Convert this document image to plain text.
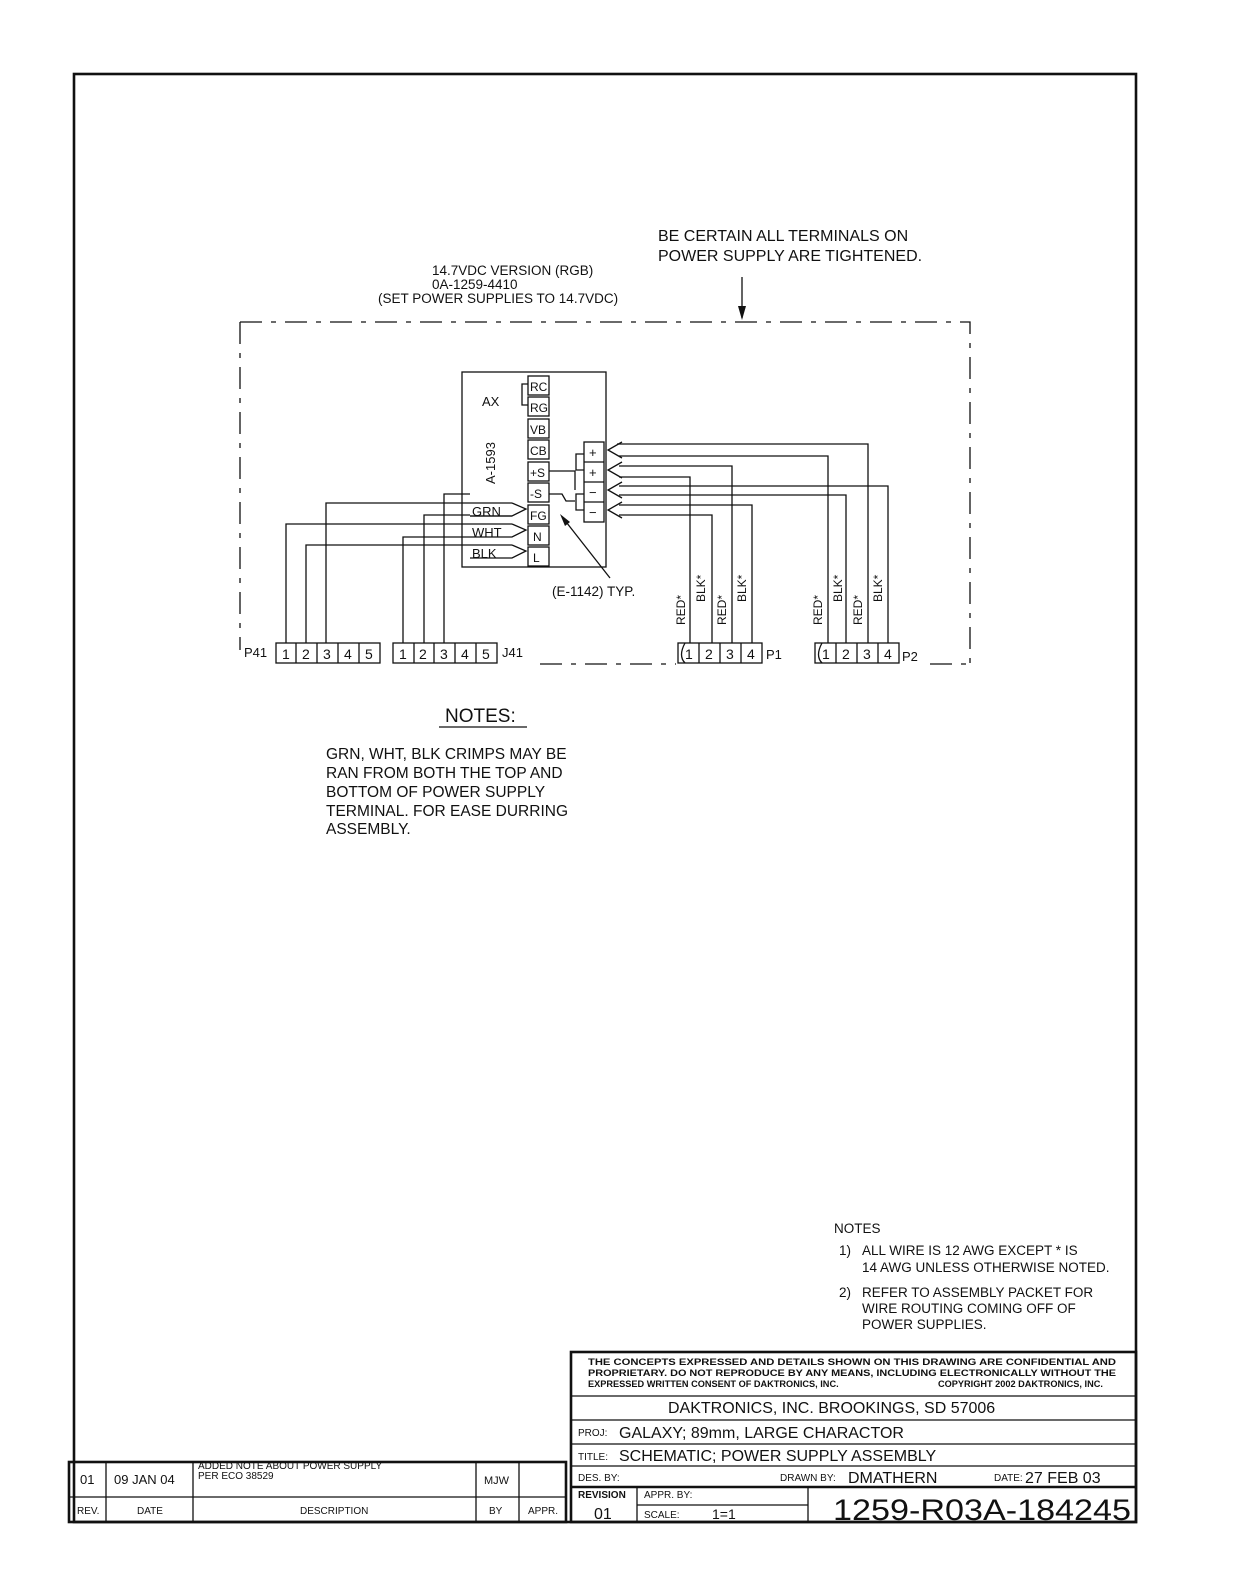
BE CERTAIN ALL TERMINALS ON
POWER SUPPLY ARE TIGHTENED.
14.7VDC VERSION (RGB)
0A-1259-4410
(SET POWER SUPPLIES TO 14.7VDC)
AX
A-1593
RC
RG
VB
CB
+S
-S
FG
N
L
+
+
−
−
GRN
WHT
BLK
(E-1142) TYP.
RED*
BLK*
RED*
BLK*
RED*
BLK*
RED*
BLK*
P41 1 2 3 4 5 1 2 3 4 5 J41	1 2 3 4 P1	1 2 3 4 P2
NOTES:
GRN, WHT, BLK CRIMPS MAY BE
RAN FROM BOTH THE TOP AND
BOTTOM OF POWER SUPPLY
TERMINAL. FOR EASE DURRING
ASSEMBLY.
NOTES
1) ALL WIRE IS 12 AWG EXCEPT * IS
14 AWG UNLESS OTHERWISE NOTED.
2) REFER TO ASSEMBLY PACKET FOR
WIRE ROUTING COMING OFF OF
POWER SUPPLIES.
THE CONCEPTS EXPRESSED AND DETAILS SHOWN ON THIS DRAWING ARE CONFIDENTIAL AND
PROPRIETARY. DO NOT REPRODUCE BY ANY MEANS, INCLUDING ELECTRONICALLY WITHOUT THE
EXPRESSED WRITTEN CONSENT OF DAKTRONICS, INC.	COPYRIGHT 2002 DAKTRONICS, INC.
DAKTRONICS, INC. BROOKINGS, SD 57006
PROJ: GALAXY; 89mm, LARGE CHARACTOR
TITLE: SCHEMATIC; POWER SUPPLY ASSEMBLY
DES. BY:	DRAWN BY: DMATHERN	DATE: 27 FEB 03
REVISION
01
APPR. BY:
SCALE: 1=1	1259-R03A-184245
01 09 JAN 04
ADDED NOTE ABOUT POWER SUPPLY
PER ECO 38529	MJW
REV.	DATE	DESCRIPTION	BY	APPR.
